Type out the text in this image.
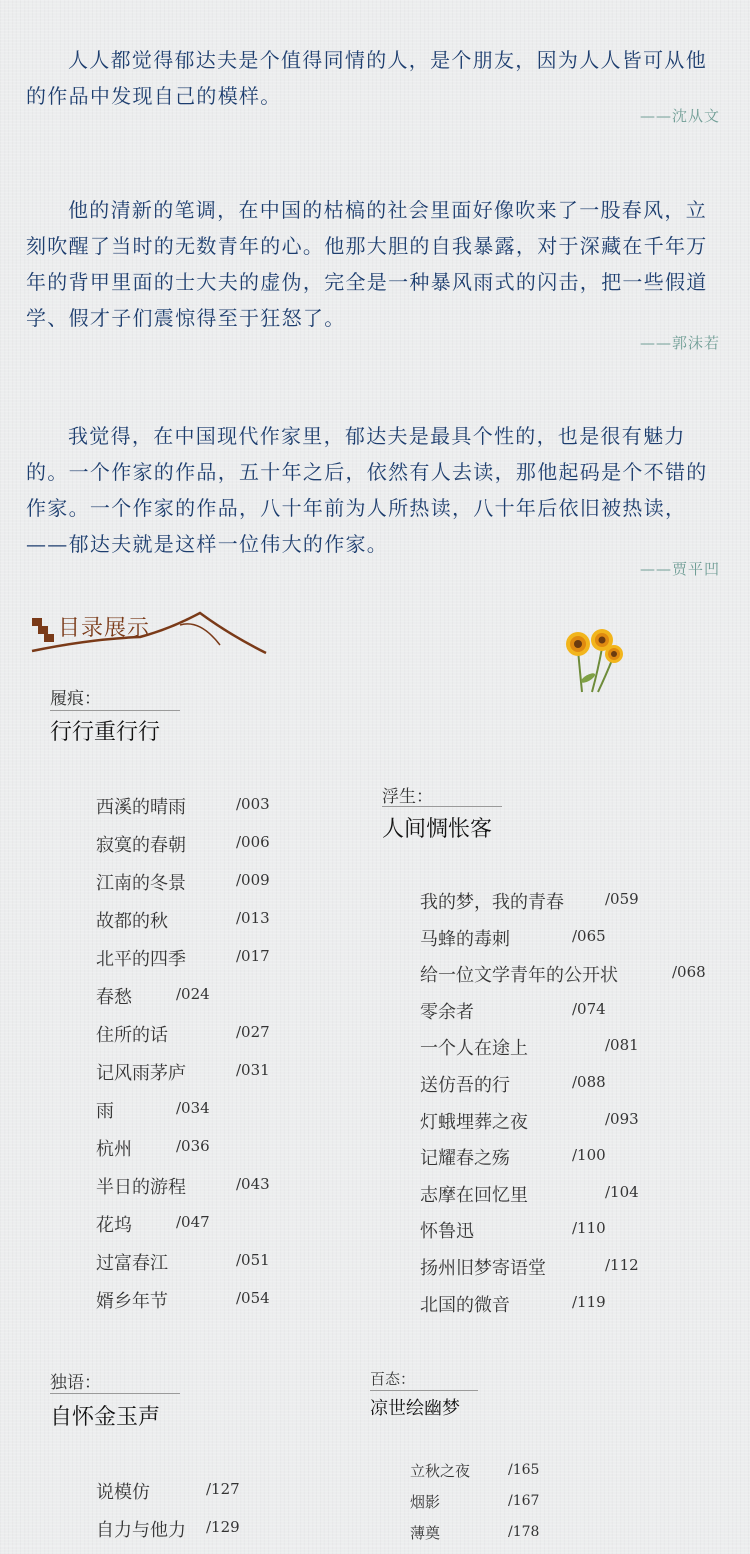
人人都觉得郁达夫是个值得同情的人，是个朋友，因为人人皆可从他的作品中发现自己的模样。

——沈从文

他的清新的笔调，在中国的枯槁的社会里面好像吹来了一股春风，立刻吹醒了当时的无数青年的心。他那大胆的自我暴露，对于深藏在千年万年的背甲里面的士大夫的虚伪，完全是一种暴风雨式的闪击，把一些假道学、假才子们震惊得至于狂怒了。

——郭沫若

我觉得，在中国现代作家里，郁达夫是最具个性的，也是很有魅力的。一个作家的作品，五十年之后，依然有人去读，那他起码是个不错的作家。一个作家的作品，八十年前为人所热读，八十年后依旧被热读，——郁达夫就是这样一位伟大的作家。

——贾平凹
目录展示
履痕：
行行重行行
西溪的晴雨	/003
寂寞的春朝	/006
江南的冬景	/009
故都的秋	/013
北平的四季	/017
春愁	/024
住所的话	/027
记风雨茅庐	/031
雨	/034
杭州	/036
半日的游程	/043
花坞	/047
过富春江	/051
婿乡年节	/054
浮生：
人间惆怅客
我的梦，我的青春	/059
马蜂的毒刺	/065
给一位文学青年的公开状	/068
零余者	/074
一个人在途上	/081
送仿吾的行	/088
灯蛾埋葬之夜	/093
记耀春之殇	/100
志摩在回忆里	/104
怀鲁迅	/110
扬州旧梦寄语堂	/112
北国的微音	/119
独语：
自怀金玉声
说模仿	/127
自力与他力 /129
百态：
凉世绘幽梦
立秋之夜	/165
烟影	/167
薄奠	/178
